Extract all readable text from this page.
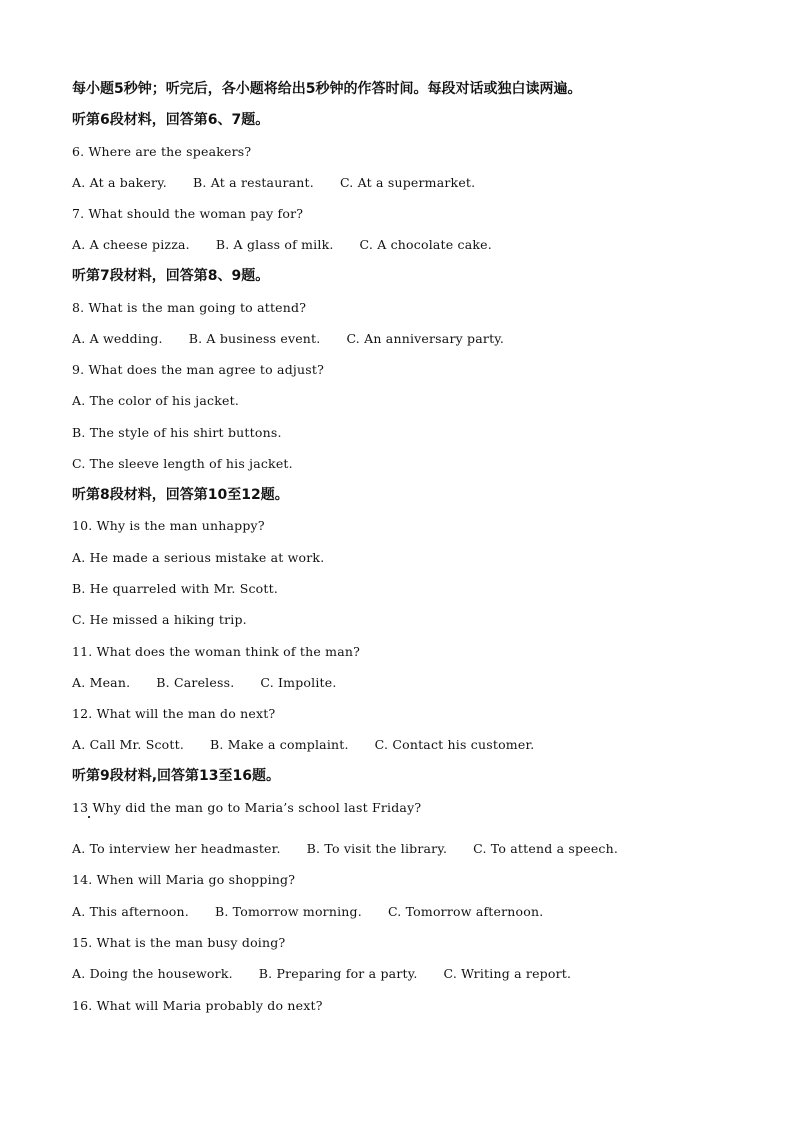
每小题5秒钟；听完后，各小题将给出5秒钟的作答时间。每段对话或独白读两遍。
听第6段材料，回答第6、7题。
6. Where are the speakers?
A. At a bakery. B. At a restaurant. C. At a supermarket.
7. What should the woman pay for?
A. A cheese pizza. B. A glass of milk. C. A chocolate cake.
听第7段材料，回答第8、9题。
8. What is the man going to attend?
A. A wedding. B. A business event. C. An anniversary party.
9. What does the man agree to adjust?
A. The color of his jacket.
B. The style of his shirt buttons.
C. The sleeve length of his jacket.
听第8段材料，回答第10至12题。
10. Why is the man unhappy?
A. He made a serious mistake at work.
B. He quarreled with Mr. Scott.
C. He missed a hiking trip.
11. What does the woman think of the man?
A. Mean. B. Careless. C. Impolite.
12. What will the man do next?
A. Call Mr. Scott. B. Make a complaint. C. Contact his customer.
听第9段材料,回答第13至16题。
13 Why did the man go to Maria’s school last Friday?
A. To interview her headmaster. B. To visit the library. C. To attend a speech.
14. When will Maria go shopping?
A. This afternoon. B. Tomorrow morning. C. Tomorrow afternoon.
15. What is the man busy doing?
A. Doing the housework. B. Preparing for a party. C. Writing a report.
16. What will Maria probably do next?
